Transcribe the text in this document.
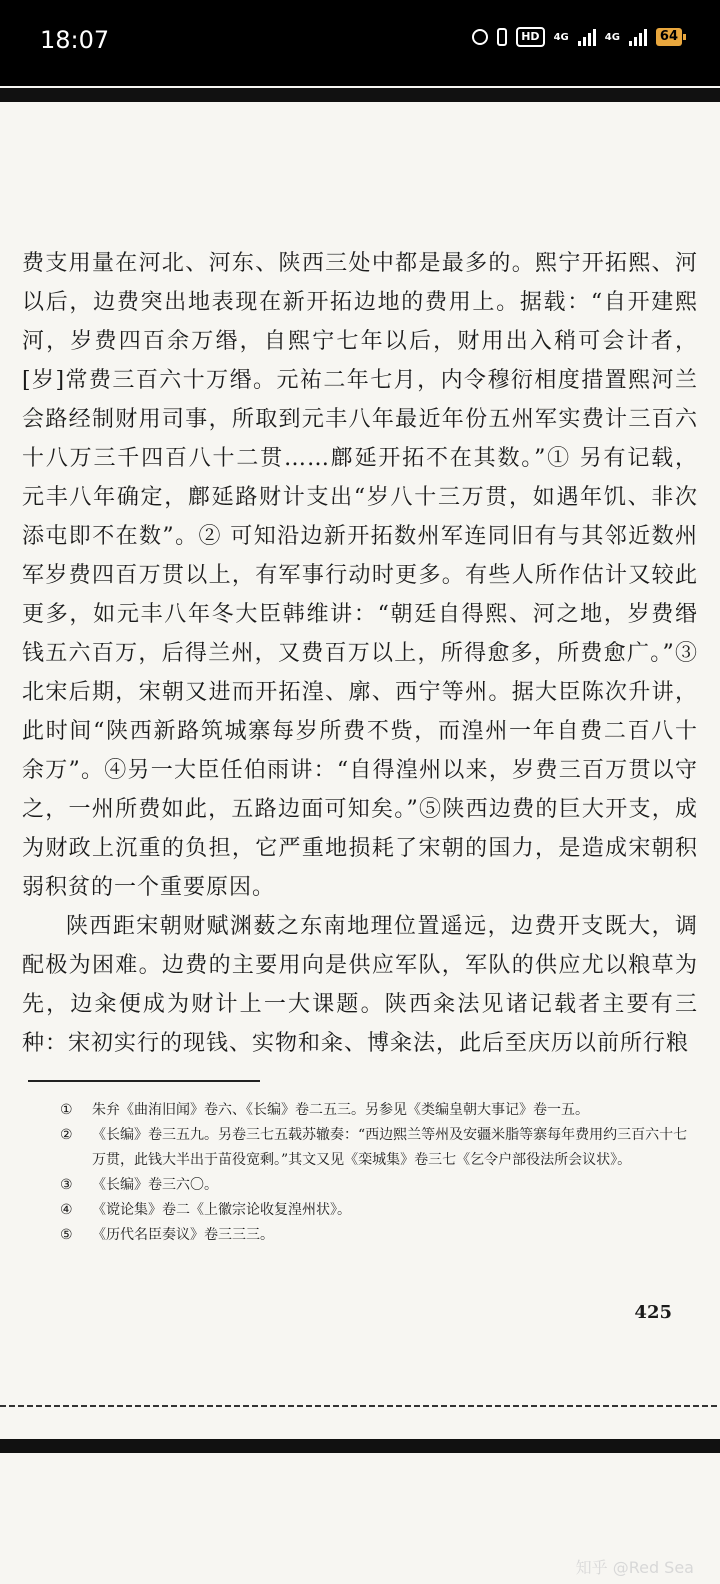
18:07	HD	4G	4G	64

费支用量在河北、河东、陕西三处中都是最多的。熙宁开拓熙、河以后，边费突出地表现在新开拓边地的费用上。据载：“自开建熙河，岁费四百余万缗，自熙宁七年以后，财用出入稍可会计者，[岁]常费三百六十万缗。元祐二年七月，内令穆衍相度措置熙河兰会路经制财用司事，所取到元丰八年最近年份五州军实费计三百六十八万三千四百八十二贯……鄜延开拓不在其数。”① 另有记载，元丰八年确定，鄜延路财计支出“岁八十三万贯，如遇年饥、非次添屯即不在数”。② 可知沿边新开拓数州军连同旧有与其邻近数州军岁费四百万贯以上，有军事行动时更多。有些人所作估计又较此更多，如元丰八年冬大臣韩维讲：“朝廷自得熙、河之地，岁费缗钱五六百万，后得兰州，又费百万以上，所得愈多，所费愈广。”③北宋后期，宋朝又进而开拓湟、廓、西宁等州。据大臣陈次升讲，此时间“陕西新路筑城寨每岁所费不赀，而湟州一年自费二百八十余万”。④另一大臣任伯雨讲：“自得湟州以来，岁费三百万贯以守之，一州所费如此，五路边面可知矣。”⑤陕西边费的巨大开支，成为财政上沉重的负担，它严重地损耗了宋朝的国力，是造成宋朝积弱积贫的一个重要原因。

陕西距宋朝财赋渊薮之东南地理位置遥远，边费开支既大，调配极为困难。边费的主要用向是供应军队，军队的供应尤以粮草为先，边籴便成为财计上一大课题。陕西籴法见诸记载者主要有三种：宋初实行的现钱、实物和籴、博籴法，此后至庆历以前所行粮

①	朱弁《曲洧旧闻》卷六、《长编》卷二五三。另参见《类编皇朝大事记》卷一五。
②	《长编》卷三五九。另卷三七五载苏辙奏：“西边熙兰等州及安疆米脂等寨每年费用约三百六十七万贯，此钱大半出于苗役宽剩。”其文又见《栾城集》卷三七《乞令户部役法所会议状》。
③	《长编》卷三六〇。
④	《谠论集》卷二《上徽宗论收复湟州状》。
⑤	《历代名臣奏议》卷三三三。
425
知乎 @Red Sea
